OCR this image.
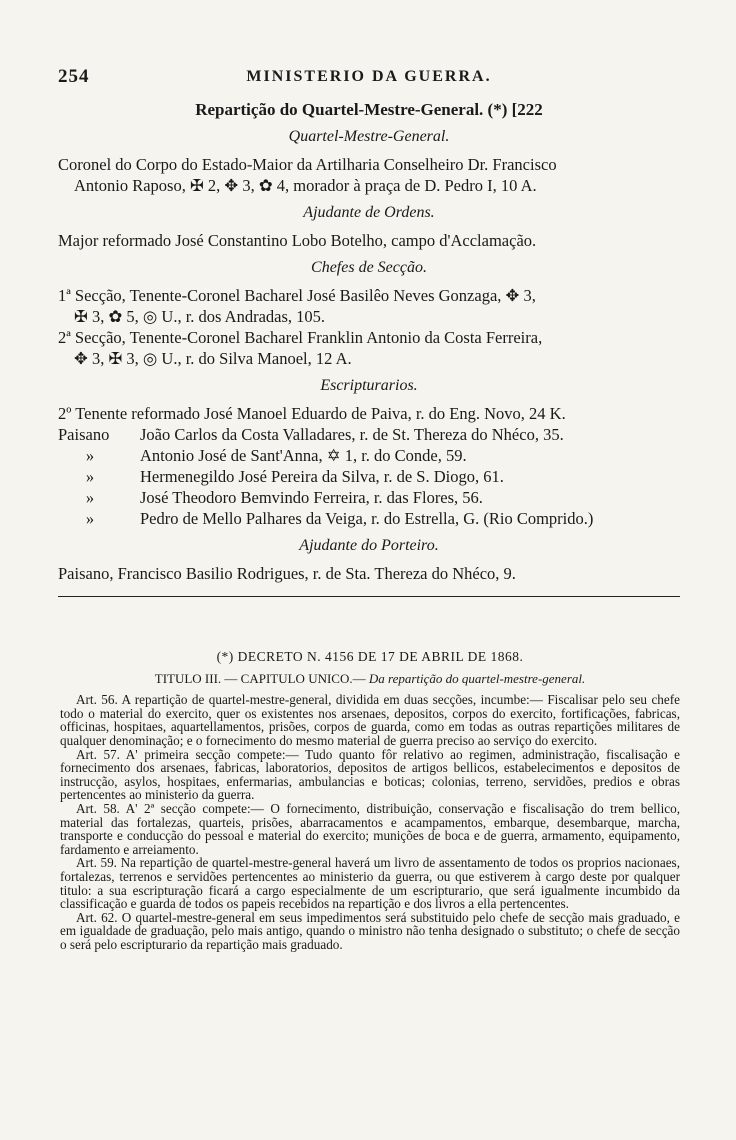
254	MINISTERIO DA GUERRA.
Repartição do Quartel-Mestre-General. (*) [222
Quartel-Mestre-General.

Coronel do Corpo do Estado-Maior da Artilharia Conselheiro Dr. Francisco

Antonio Raposo, ✠ 2, ✥ 3, ✿ 4, morador à praça de D. Pedro I, 10 A.

Ajudante de Ordens.

Major reformado José Constantino Lobo Botelho, campo d'Acclamação.

Chefes de Secção.

1ª Secção, Tenente-Coronel Bacharel José Basilêo Neves Gonzaga, ✥ 3,

✠ 3, ✿ 5, ◎ U., r. dos Andradas, 105.

2ª Secção, Tenente-Coronel Bacharel Franklin Antonio da Costa Ferreira,

✥ 3, ✠ 3, ◎ U., r. do Silva Manoel, 12 A.

Escripturarios.
2º Tenente reformado José Manoel Eduardo de Paiva, r. do Eng. Novo, 24 K.
Paisano	João Carlos da Costa Valladares, r. de St. Thereza do Nhéco, 35.
»	Antonio José de Sant'Anna, ✡ 1, r. do Conde, 59.
»	Hermenegildo José Pereira da Silva, r. de S. Diogo, 61.
»	José Theodoro Bemvindo Ferreira, r. das Flores, 56.
»	Pedro de Mello Palhares da Veiga, r. do Estrella, G. (Rio Comprido.)
Ajudante do Porteiro.

Paisano, Francisco Basilio Rodrigues, r. de Sta. Thereza do Nhéco, 9.

(*) DECRETO N. 4156 DE 17 DE ABRIL DE 1868.
TITULO III. — CAPITULO UNICO.— Da repartição do quartel-mestre-general.

Art. 56. A repartição de quartel-mestre-general, dividida em duas secções, incumbe:— Fiscalisar pelo seu chefe todo o material do exercito, quer os existentes nos arsenaes, depositos, corpos do exercito, fortificações, fabricas, officinas, hospitaes, aquartellamentos, prisões, corpos de guarda, como em todas as outras repartições militares de qualquer denominação; e o fornecimento do mesmo material de guerra preciso ao serviço do exercito.

Art. 57. A' primeira secção compete:— Tudo quanto fôr relativo ao regimen, administração, fiscalisação e fornecimento dos arsenaes, fabricas, laboratorios, depositos de artigos bellicos, estabelecimentos e depositos de instrucção, asylos, hospitaes, enfermarias, ambulancias e boticas; colonias, terreno, servidões, predios e obras pertencentes ao ministerio da guerra.

Art. 58. A' 2ª secção compete:— O fornecimento, distribuição, conservação e fiscalisação do trem bellico, material das fortalezas, quarteis, prisões, abarracamentos e acampamentos, embarque, desembarque, marcha, transporte e conducção do pessoal e material do exercito; munições de boca e de guerra, armamento, equipamento, fardamento e arreiamento.

Art. 59. Na repartição de quartel-mestre-general haverá um livro de assentamento de todos os proprios nacionaes, fortalezas, terrenos e servidões pertencentes ao ministerio da guerra, ou que estiverem à cargo deste por qualquer titulo: a sua escripturação ficará a cargo especialmente de um escripturario, que será igualmente incumbido da classificação e guarda de todos os papeis recebidos na repartição e dos livros a ella pertencentes.

Art. 62. O quartel-mestre-general em seus impedimentos será substituido pelo chefe de secção mais graduado, e em igualdade de graduação, pelo mais antigo, quando o ministro não tenha designado o substituto; o chefe de secção o será pelo escripturario da repartição mais graduado.
